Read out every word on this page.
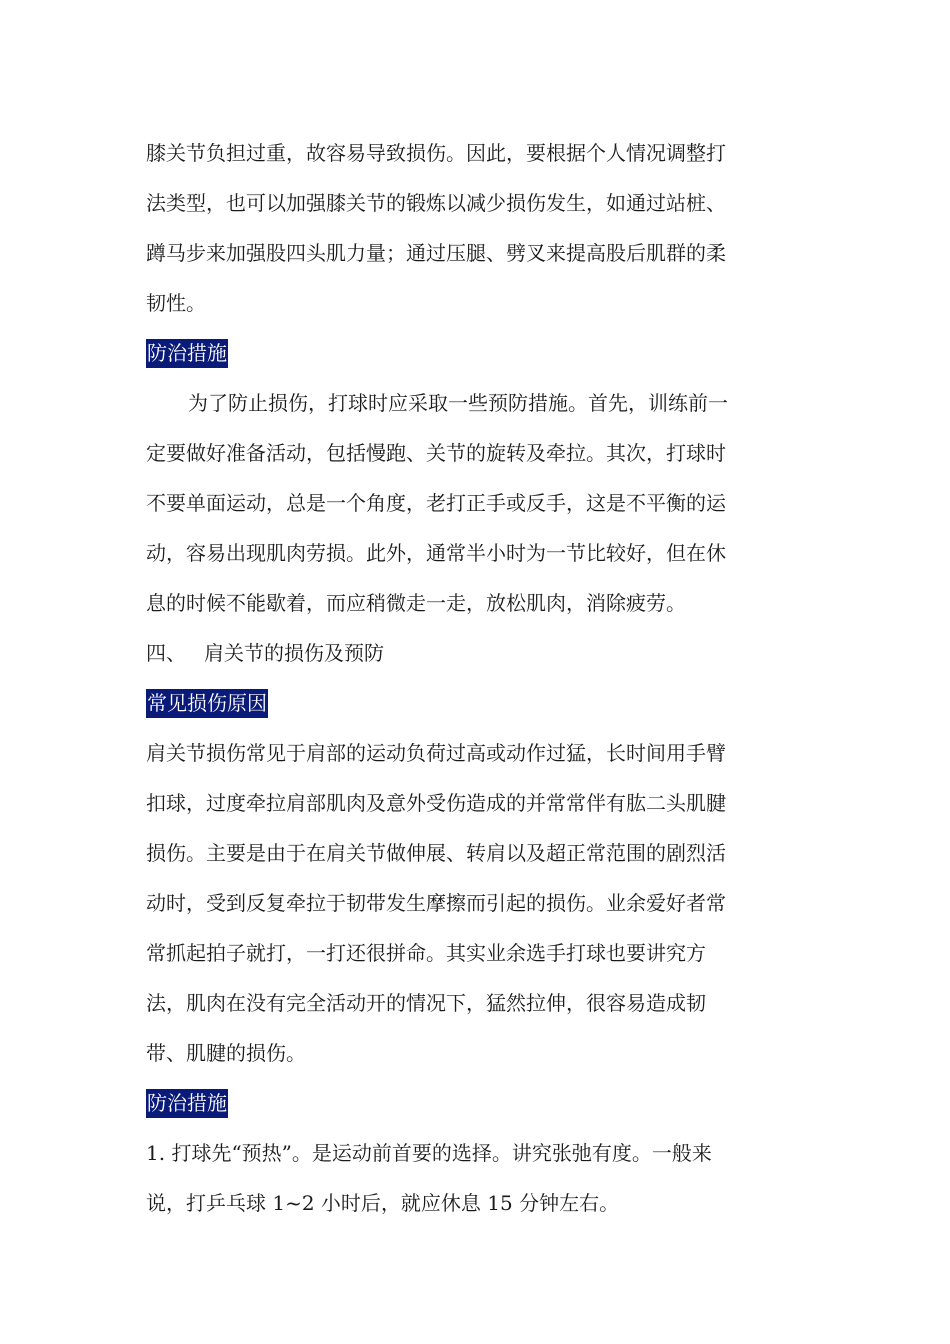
膝关节负担过重，故容易导致损伤。因此，要根据个人情况调整打
法类型，也可以加强膝关节的锻炼以减少损伤发生，如通过站桩、
蹲马步来加强股四头肌力量；通过压腿、劈叉来提高股后肌群的柔
韧性。
防治措施
为了防止损伤，打球时应采取一些预防措施。首先，训练前一
定要做好准备活动，包括慢跑、关节的旋转及牵拉。其次，打球时
不要单面运动，总是一个角度，老打正手或反手，这是不平衡的运
动，容易出现肌肉劳损。此外，通常半小时为一节比较好，但在休
息的时候不能歇着，而应稍微走一走，放松肌肉，消除疲劳。
四、 肩关节的损伤及预防
常见损伤原因
肩关节损伤常见于肩部的运动负荷过高或动作过猛，长时间用手臂
扣球，过度牵拉肩部肌肉及意外受伤造成的并常常伴有肱二头肌腱
损伤。主要是由于在肩关节做伸展、转肩以及超正常范围的剧烈活
动时，受到反复牵拉于韧带发生摩擦而引起的损伤。业余爱好者常
常抓起拍子就打，一打还很拼命。其实业余选手打球也要讲究方
法，肌肉在没有完全活动开的情况下，猛然拉伸，很容易造成韧
带、肌腱的损伤。
防治措施
1. 打球先“预热”。是运动前首要的选择。讲究张弛有度。一般来
说，打乒乓球 1~2 小时后，就应休息 15 分钟左右。
